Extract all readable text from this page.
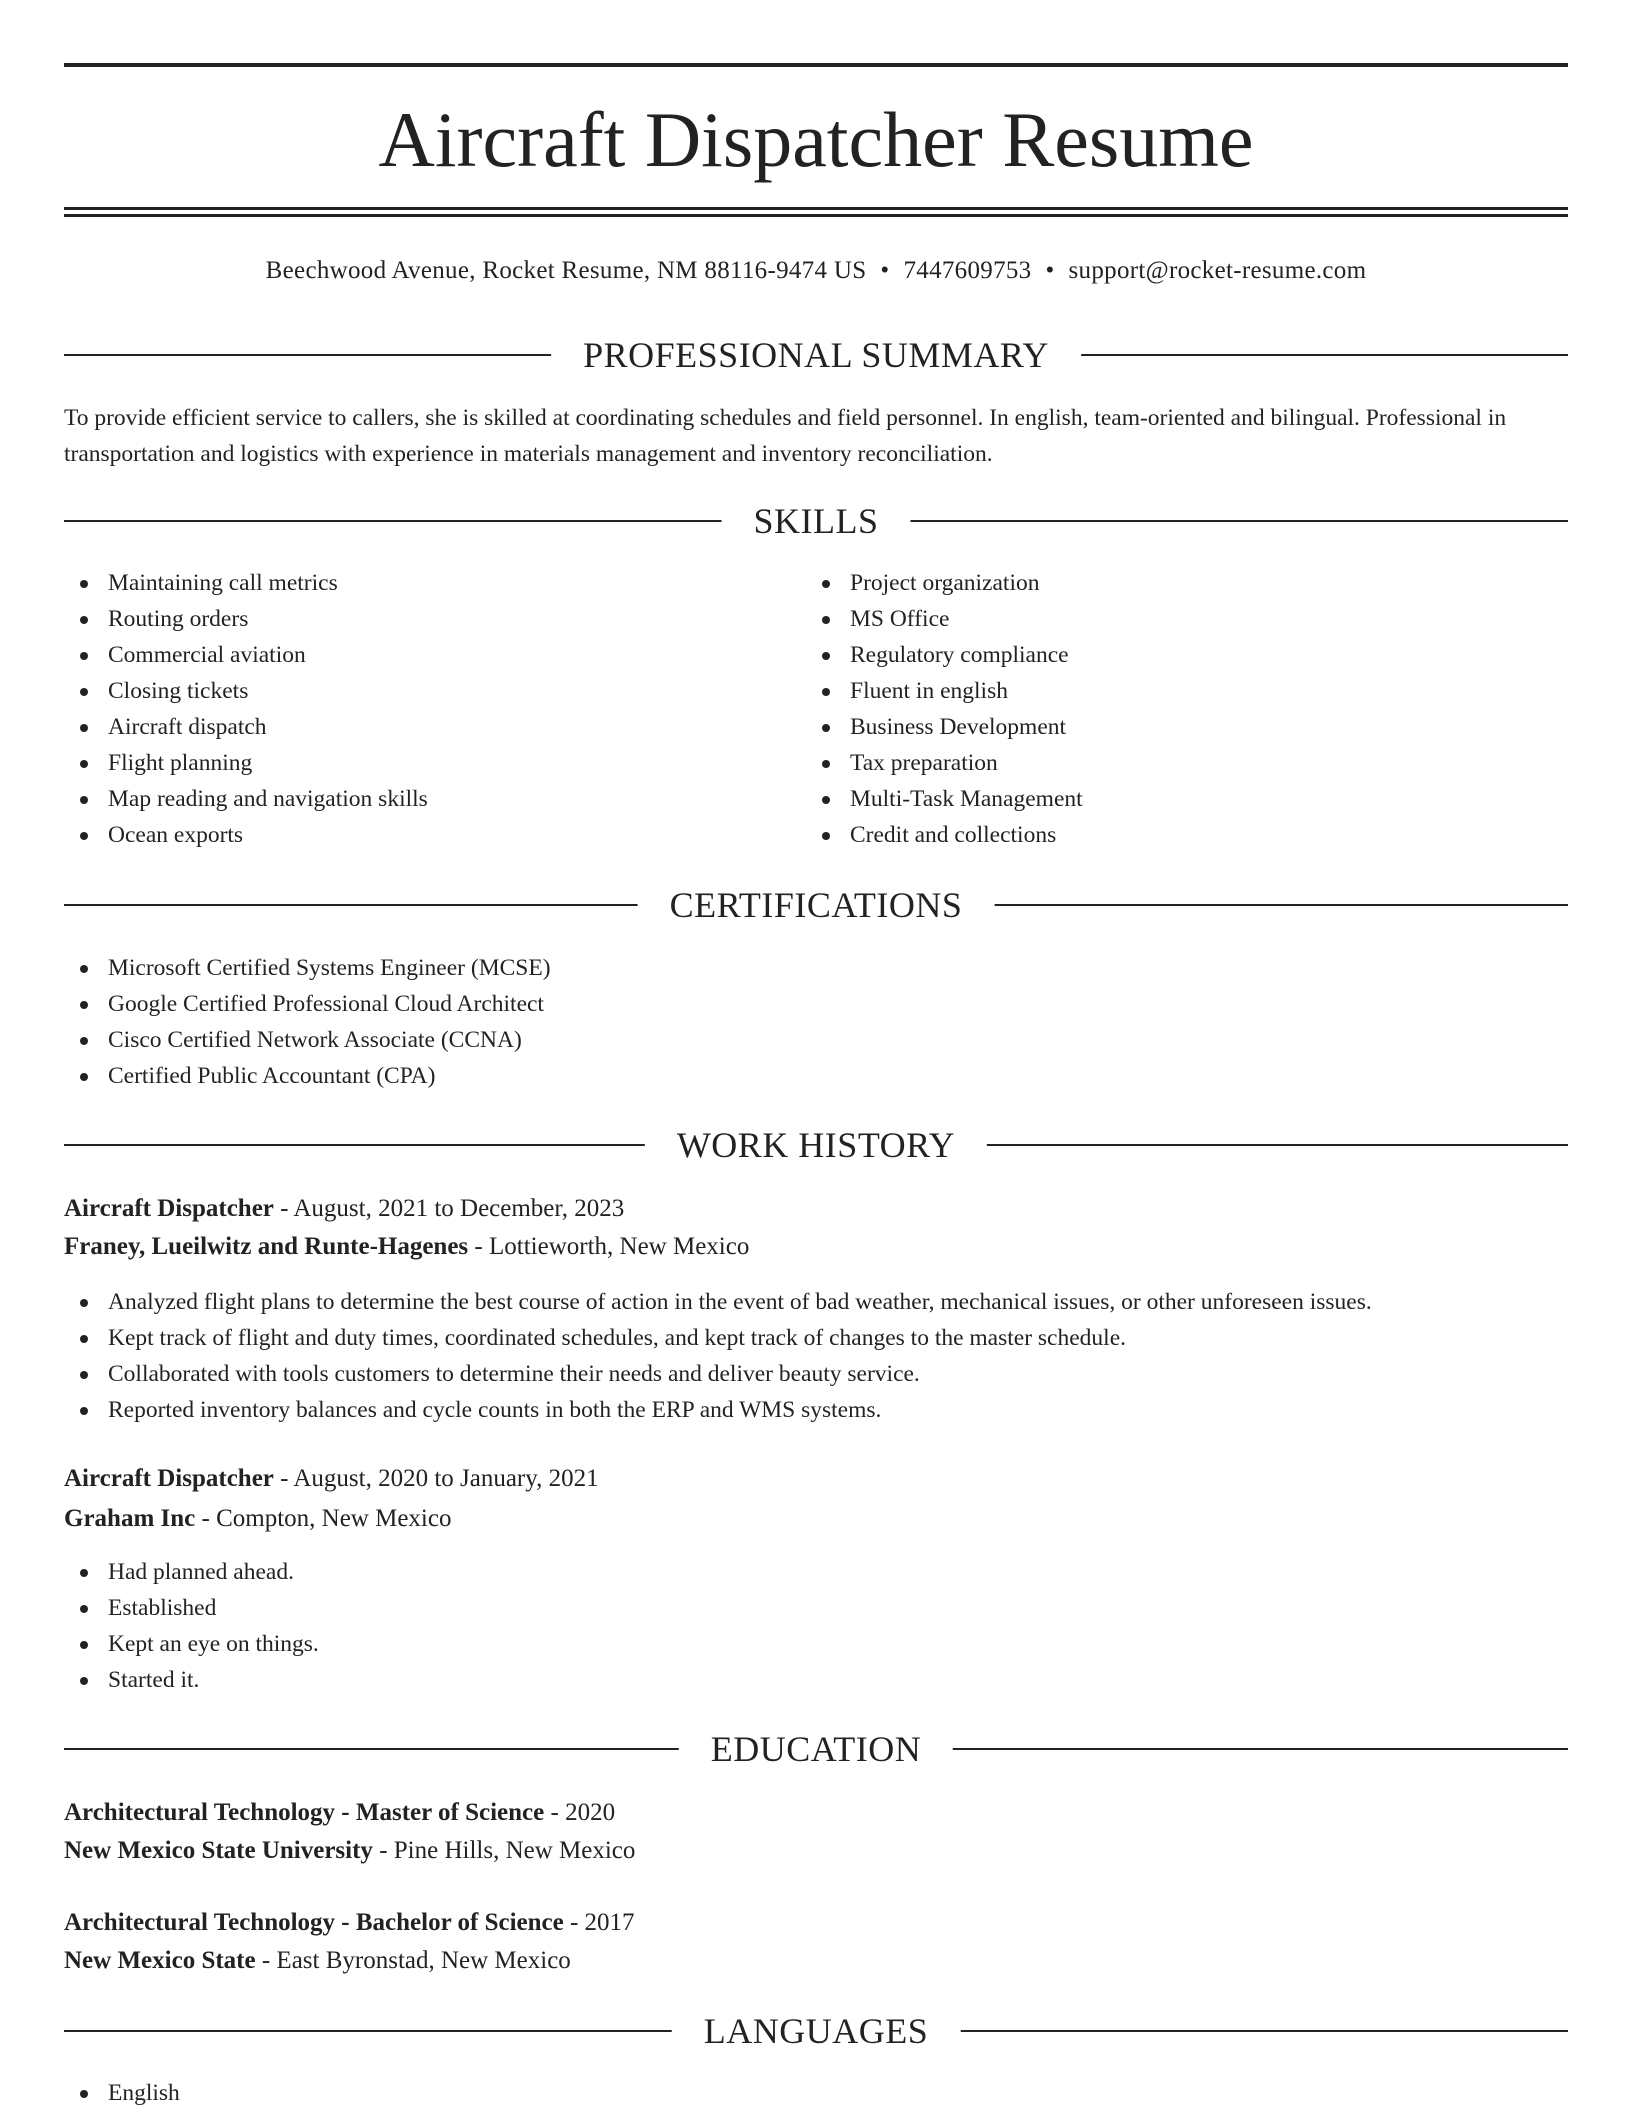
Aircraft Dispatcher Resume
Beechwood Avenue, Rocket Resume, NM 88116-9474 US • 7447609753 • support@rocket-resume.com
PROFESSIONAL SUMMARY

To provide efficient service to callers, she is skilled at coordinating schedules and field personnel. In english, team-oriented and bilingual. Professional in transportation and logistics with experience in materials management and inventory reconciliation.

SKILLS
Maintaining call metrics
Routing orders
Commercial aviation
Closing tickets
Aircraft dispatch
Flight planning
Map reading and navigation skills
Ocean exports
Project organization
MS Office
Regulatory compliance
Fluent in english
Business Development
Tax preparation
Multi-Task Management
Credit and collections
CERTIFICATIONS
Microsoft Certified Systems Engineer (MCSE)
Google Certified Professional Cloud Architect
Cisco Certified Network Associate (CCNA)
Certified Public Accountant (CPA)
WORK HISTORY
Aircraft Dispatcher - August, 2021 to December, 2023
Franey, Lueilwitz and Runte-Hagenes - Lottieworth, New Mexico
Analyzed flight plans to determine the best course of action in the event of bad weather, mechanical issues, or other unforeseen issues.
Kept track of flight and duty times, coordinated schedules, and kept track of changes to the master schedule.
Collaborated with tools customers to determine their needs and deliver beauty service.
Reported inventory balances and cycle counts in both the ERP and WMS systems.
Aircraft Dispatcher - August, 2020 to January, 2021
Graham Inc - Compton, New Mexico
Had planned ahead.
Established
Kept an eye on things.
Started it.
EDUCATION
Architectural Technology - Master of Science - 2020
New Mexico State University - Pine Hills, New Mexico
Architectural Technology - Bachelor of Science - 2017
New Mexico State - East Byronstad, New Mexico
LANGUAGES
English
